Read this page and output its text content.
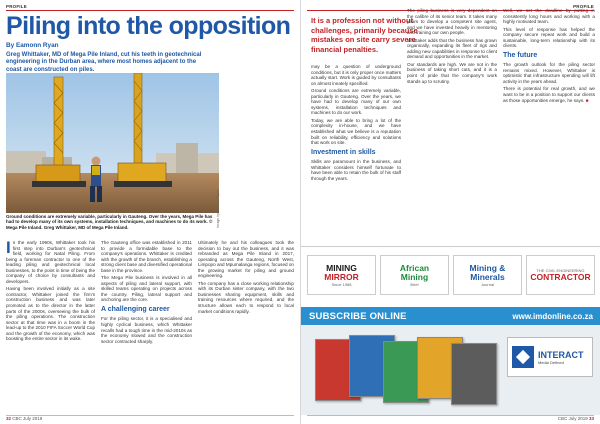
PROFILE
Piling into the opposition
By Eamonn Ryan
Greg Whittaker, MD of Mega Pile Inland, cut his teeth in geotechnical engineering in the Durban area, where most homes adjacent to the coast are constructed on piles.
Image by Eamonn Ryan
Ground conditions are extremely variable, particularly in Gauteng. Over the years, Mega Pile has had to develop many of its own systems, installation techniques, and machines to do its work. © Mega Pile Inland. Greg Whittaker, MD of Mega Pile Inland.

In the early 1990s, Whittaker took his first step into Durban's geotechnical field, working for Natal Piling. From being a foreman contractor to one of the leading piling and geotechnical local businesses, to the point in time of being the company of choice by consultants and developers.

Having been involved initially as a site contractor, Whittaker joined the firm's construction business and was later promoted as to the director in the latter parts of the 2000s, overseeing the bulk of the piling operations. The construction sector at that time was in a boom in the lead-up to the 2010 FIFA Soccer World Cup and the growth of the economy, which was boosting the entire sector in its wake.

The Gauteng office was established in 2011 to provide a formidable base to the company's operations. Whittaker is credited with the growth of the branch, establishing a strong client base and diversified operational base in the province.

The Mega Pile business is involved in all aspects of piling and lateral support, with skilled teams operating on projects across the country. Piling, lateral support and anchoring are the core.

A challenging career

For the piling sector, it is a specialised and highly cyclical business, which Whittaker recalls had a tough time in the mid-2010s as the economy slowed and the construction sector contracted sharply.

Ultimately he and his colleagues took the decision to buy out the business, and it was rebranded as Mega Pile Inland in 2017, operating across the Gauteng, North West, Limpopo and Mpumalanga regions, focused on the growing market for piling and ground engineering.

The company has a close working relationship with its Durban sister company, with the two businesses sharing equipment, skills and training resources where required, and the structure allows each to respond to local market conditions rapidly.

32 CBC July 2019
PROFILE
It is a profession not without challenges, primarily because mistakes on site carry severe financial penalties.

may be a question of underground conditions, but it is only proper once matters actually start. Work is guided by consultants on almost innately specified.

Ground conditions are extremely variable, particularly in Gauteng. Over the years, we have had to develop many of our own systems, installation techniques and machines to do our work.

Today, we are able to bring a lot of the complexity in-house, and we have established what we believe is a reputation built on reliability, efficiency and solutions that work on site.

Investment in skills

Skills are paramount in the business, and Whittaker considers himself fortunate to have been able to retain the bulk of his staff through the years.

The piling business is very dependent on the calibre of its senior team. It takes many years to develop a competent site agent, and we have invested heavily in mentoring and training our own people.

Whittaker adds that the business has grown organically, expanding its fleet of rigs and adding new capabilities in response to client demand and opportunities in the market.

Our standards are high. We are not in the business of taking short cuts, and it is a point of pride that the company's work stands up to scrutiny.

Well, we set the deadline by putting in consistently long hours and working with a highly motivated team.

This level of response has helped the company secure repeat work and build a sustainable, long-term relationship with its clients.

The future

The growth outlook for the piling sector remains mixed. However, Whittaker is optimistic that infrastructure spending will lift activity in the years ahead.

There is potential for real growth, and we want to be in a position to support our clients as those opportunities emerge, he says. ■

MINING
MIRROR
Since 1988
African
Mining
Brief
Mining &
Minerals
Journal
THE CIVIL ENGINEERING
CONTRACTOR
SUBSCRIBE ONLINE	www.imdonline.co.za
INTERACT
Media Defined
CBC July 2019 33
